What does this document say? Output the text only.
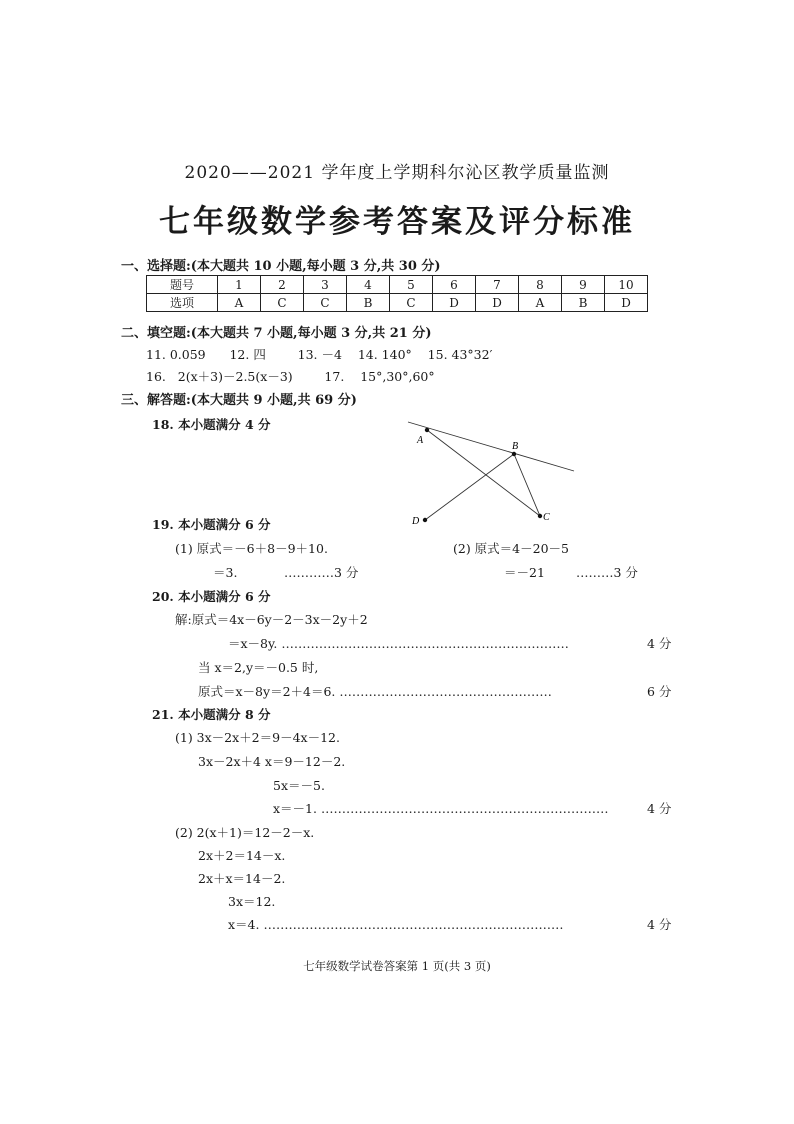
2020——2021 学年度上学期科尔沁区教学质量监测
七年级数学参考答案及评分标准
一、选择题:(本大题共 10 小题,每小题 3 分,共 30 分)
题号	1	2	3	4	5	6	7	8	9	10
选项	A	C	C	B	C	D	D	A	B	D
二、填空题:(本大题共 7 小题,每小题 3 分,共 21 分)
11. 0.059      12. 四        13. －4    14. 140°    15. 43°32′
16.   2(x＋3)－2.5(x－3)        17.    15°,30°,60°
三、解答题:(本大题共 9 小题,共 69 分)
18. 本小题满分 4 分
A
B
C
D
19. 本小题满分 6 分
(1) 原式＝－6＋8－9＋10.
＝3.	…………3 分
(2) 原式＝4－20－5
＝－21 ………3 分
20. 本小题满分 6 分
解:原式＝4x－6y－2－3x－2y＋2
＝x－8y. ……………………………………………………………	4 分
当 x＝2,y＝－0.5 时,
原式＝x－8y＝2＋4＝6. ……………………………………………	6 分
21. 本小题满分 8 分
(1) 3x－2x＋2＝9－4x－12.
3x－2x＋4 x＝9－12－2.
5x＝－5.
x＝－1. ……………………………………………………………	4 分
(2) 2(x＋1)＝12－2－x.
2x＋2＝14－x.
2x＋x＝14－2.
3x＝12.
x＝4. ………………………………………………………………	4 分
七年级数学试卷答案第 1 页(共 3 页)
